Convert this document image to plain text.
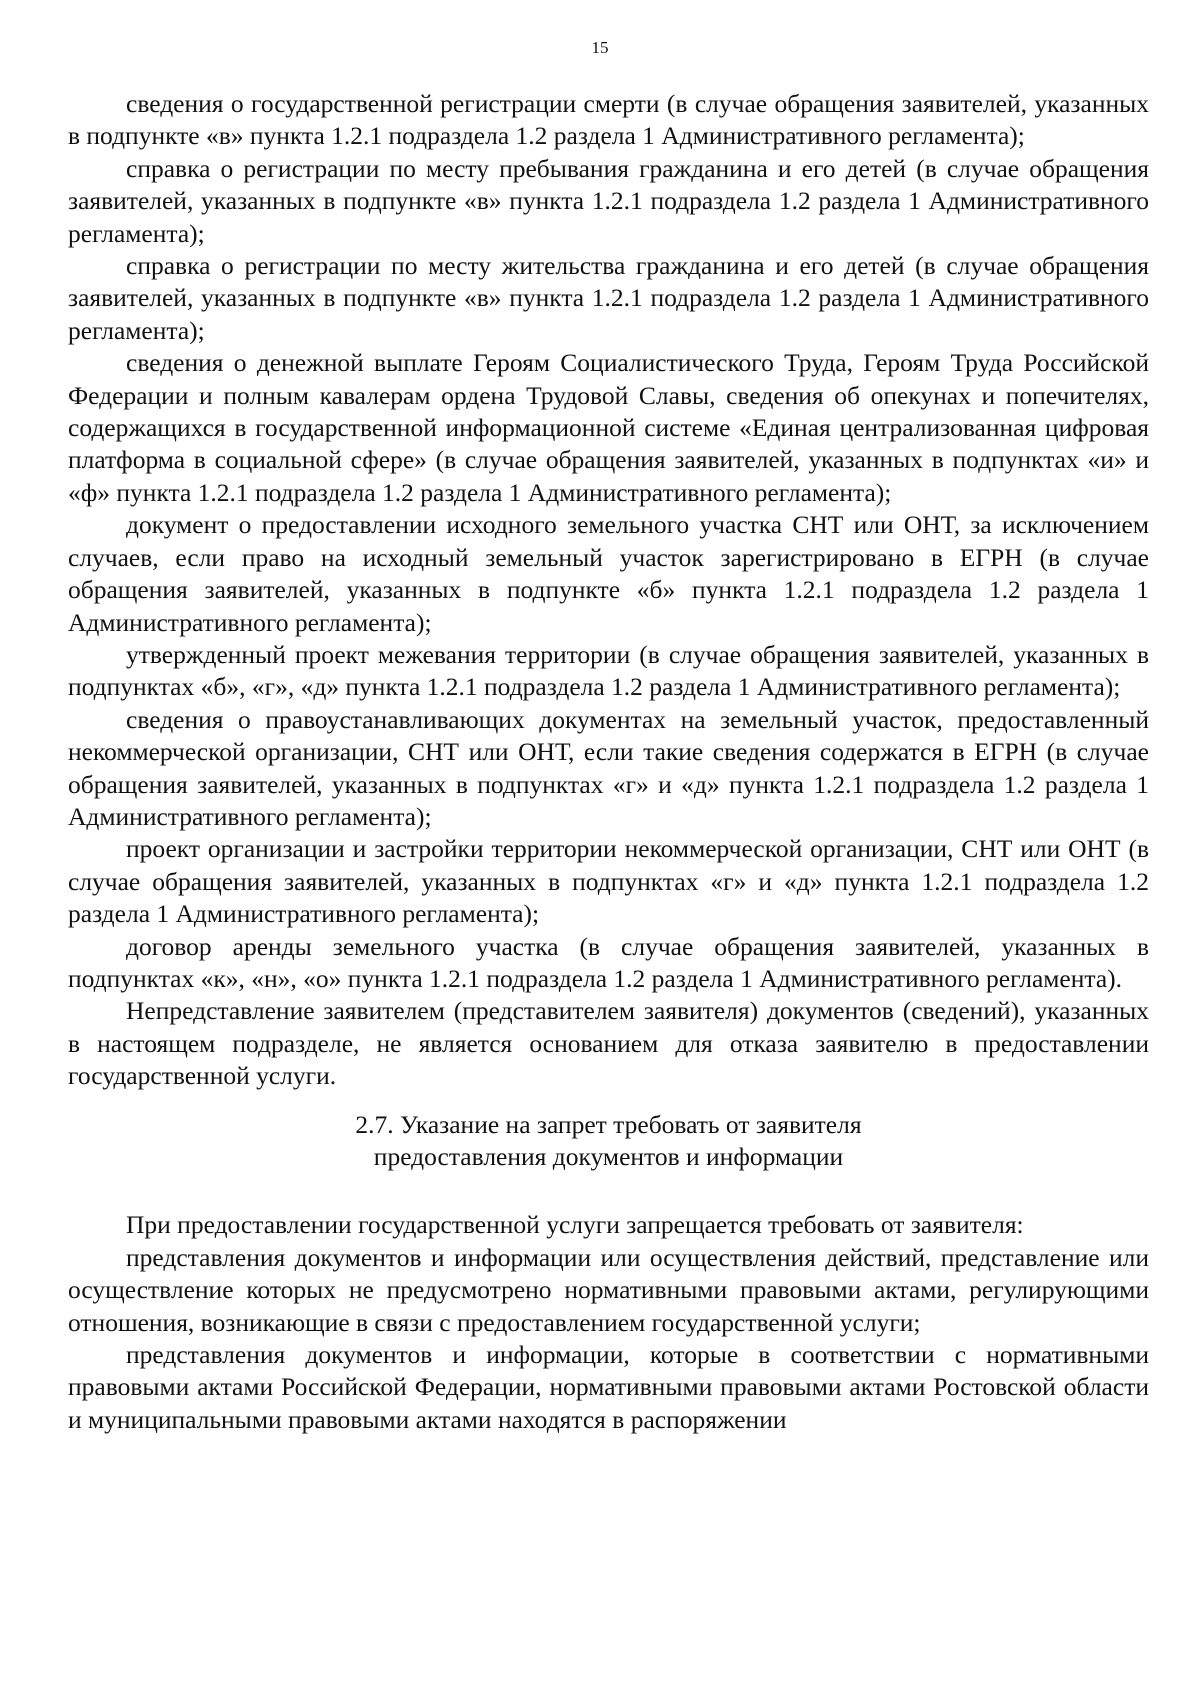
15

сведения о государственной регистрации смерти (в случае обращения заявителей, указанных в подпункте «в» пункта 1.2.1 подраздела 1.2 раздела 1 Административного регламента);

справка о регистрации по месту пребывания гражданина и его детей (в случае обращения заявителей, указанных в подпункте «в» пункта 1.2.1 подраздела 1.2 раздела 1 Административного регламента);

справка о регистрации по месту жительства гражданина и его детей (в случае обращения заявителей, указанных в подпункте «в» пункта 1.2.1 подраздела 1.2 раздела 1 Административного регламента);

сведения о денежной выплате Героям Социалистического Труда, Героям Труда Российской Федерации и полным кавалерам ордена Трудовой Славы, сведения об опекунах и попечителях, содержащихся в государственной информационной системе «Единая централизованная цифровая платформа в социальной сфере» (в случае обращения заявителей, указанных в подпунктах «и» и «ф» пункта 1.2.1 подраздела 1.2 раздела 1 Административного регламента);

документ о предоставлении исходного земельного участка СНТ или ОНТ, за исключением случаев, если право на исходный земельный участок зарегистрировано в ЕГРН (в случае обращения заявителей, указанных в подпункте «б» пункта 1.2.1 подраздела 1.2 раздела 1 Административного регламента);

утвержденный проект межевания территории (в случае обращения заявителей, указанных в подпунктах «б», «г», «д» пункта 1.2.1 подраздела 1.2 раздела 1 Административного регламента);

сведения о правоустанавливающих документах на земельный участок, предоставленный некоммерческой организации, СНТ или ОНТ, если такие сведения содержатся в ЕГРН (в случае обращения заявителей, указанных в подпунктах «г» и «д» пункта 1.2.1 подраздела 1.2 раздела 1 Административного регламента);

проект организации и застройки территории некоммерческой организации, СНТ или ОНТ (в случае обращения заявителей, указанных в подпунктах «г» и «д» пункта 1.2.1 подраздела 1.2 раздела 1 Административного регламента);

договор аренды земельного участка (в случае обращения заявителей, указанных в подпунктах «к», «н», «о» пункта 1.2.1 подраздела 1.2 раздела 1 Административного регламента).

Непредставление заявителем (представителем заявителя) документов (сведений), указанных в настоящем подразделе, не является основанием для отказа заявителю в предоставлении государственной услуги.

2.7. Указание на запрет требовать от заявителя
предоставления документов и информации

При предоставлении государственной услуги запрещается требовать от заявителя:

представления документов и информации или осуществления действий, представление или осуществление которых не предусмотрено нормативными правовыми актами, регулирующими отношения, возникающие в связи с предоставлением государственной услуги;

представления документов и информации, которые в соответствии с нормативными правовыми актами Российской Федерации, нормативными правовыми актами Ростовской области и муниципальными правовыми актами находятся в распоряжении
